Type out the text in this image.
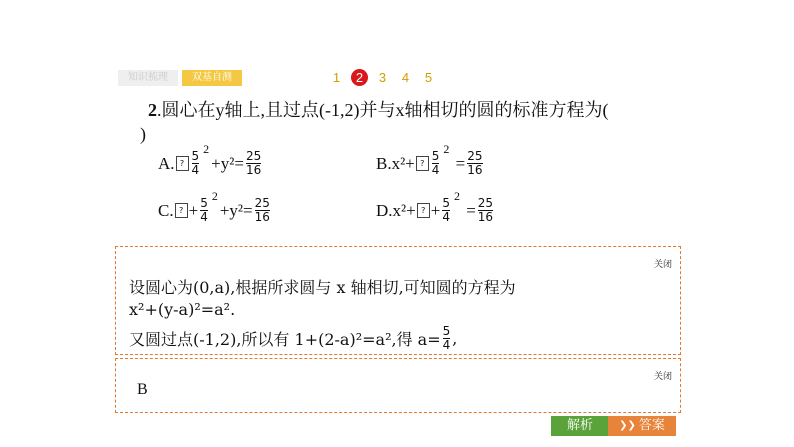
知识梳理	双基自测	1	2	3	4	5
2.圆心在y轴上,且过点(-1,2)并与x轴相切的圆的标准方程为(
)
A. ? $\frac{5}{4}$
2
$+y^2= \frac{25}{16}$	B.x²+ ? $\frac{5}{4}$
2
= $\frac{25}{16}$
C. ? + $\frac{5}{4}$
2
$+y^2= \frac{25}{16}$	D.x²+ ? + $\frac{5}{4}$
2
= $\frac{25}{16}$
关闭
设圆心为(0,a),根据所求圆与 x 轴相切,可知圆的方程为
x²+(y-a)²=a².
又圆过点(-1,2),所以有 1+(2-a)²=a²,得 $a= \frac{5}{4}$ ,
关闭
B
解析	❯❯ 答案
